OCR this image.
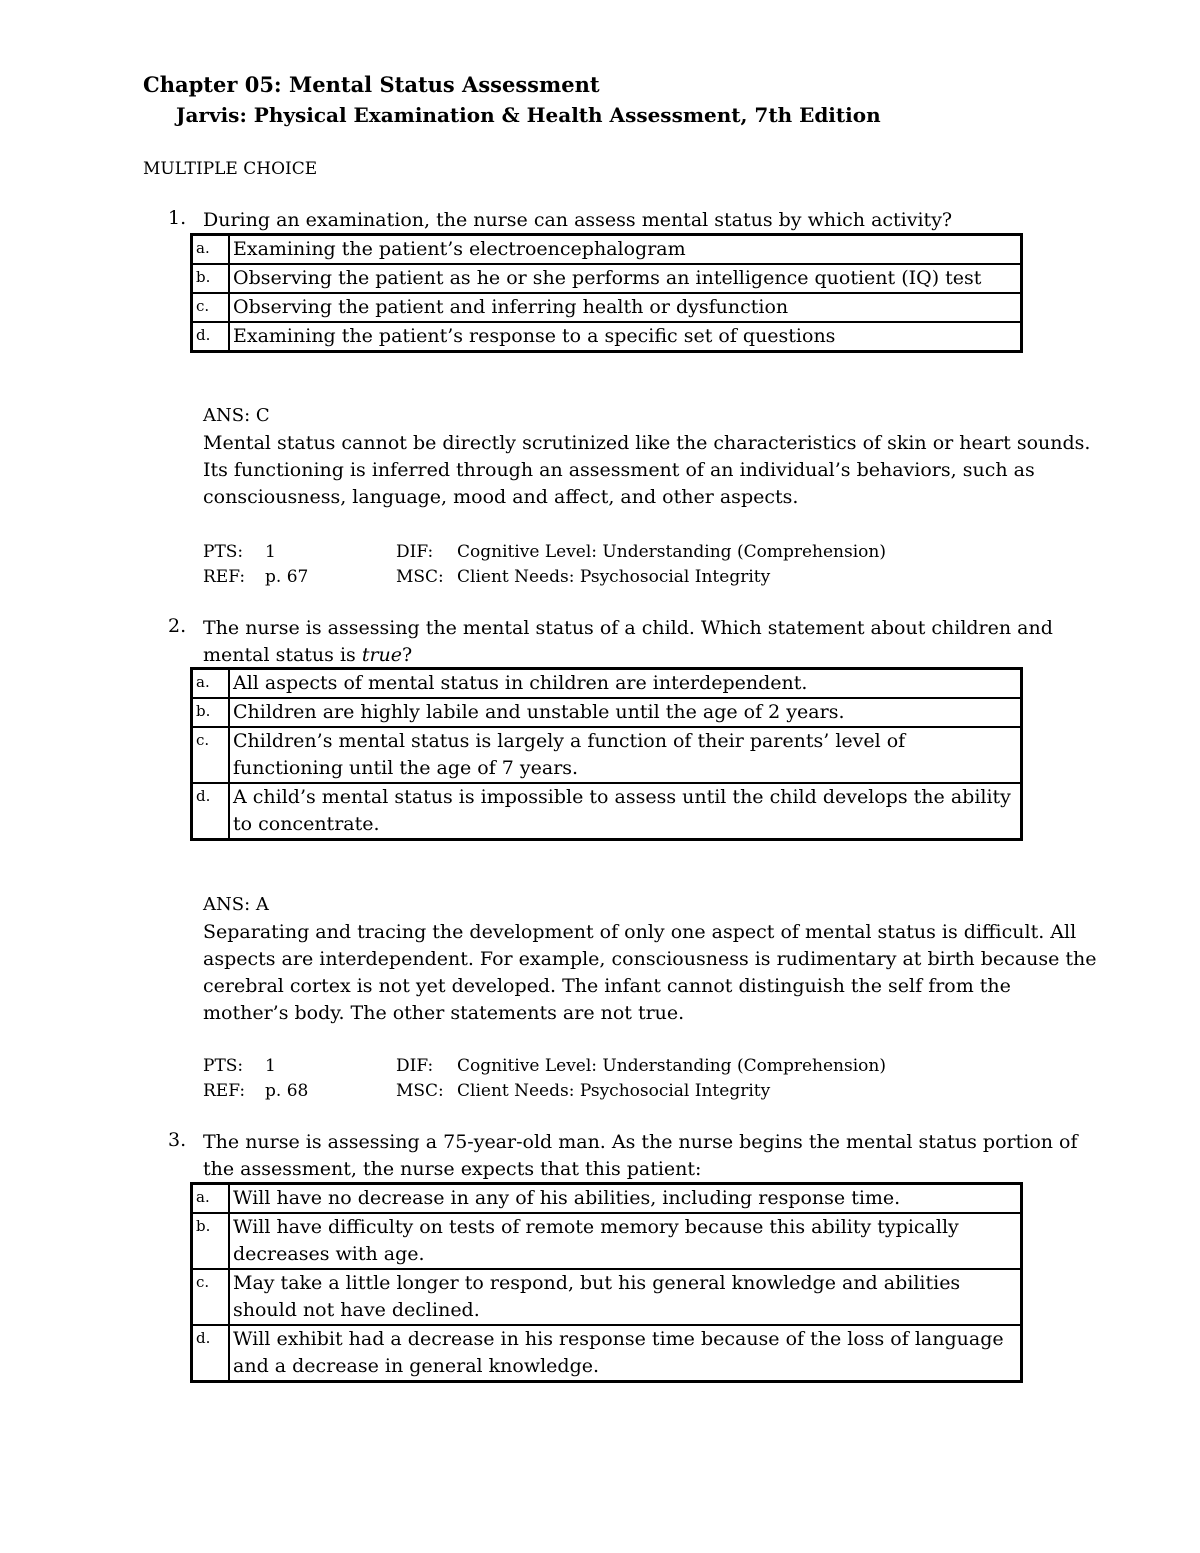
Chapter 05: Mental Status Assessment
Jarvis: Physical Examination & Health Assessment, 7th Edition
MULTIPLE CHOICE
1. During an examination, the nurse can assess mental status by which activity?
a.	Examining the patient’s electroencephalogram
b.	Observing the patient as he or she performs an intelligence quotient (IQ) test
c.	Observing the patient and inferring health or dysfunction
d.	Examining the patient’s response to a specific set of questions
ANS: C
Mental status cannot be directly scrutinized like the characteristics of skin or heart sounds. Its functioning is inferred through an assessment of an individual’s behaviors, such as consciousness, language, mood and affect, and other aspects.
PTS: 1	DIF: Cognitive Level: Understanding (Comprehension)
REF: p. 67	MSC: Client Needs: Psychosocial Integrity
2. The nurse is assessing the mental status of a child. Which statement about children and mental status is true?
a.	All aspects of mental status in children are interdependent.
b.	Children are highly labile and unstable until the age of 2 years.
c.	Children’s mental status is largely a function of their parents’ level of functioning until the age of 7 years.
d.	A child’s mental status is impossible to assess until the child develops the ability to concentrate.
ANS: A
Separating and tracing the development of only one aspect of mental status is difficult. All aspects are interdependent. For example, consciousness is rudimentary at birth because the cerebral cortex is not yet developed. The infant cannot distinguish the self from the mother’s body. The other statements are not true.
PTS: 1	DIF: Cognitive Level: Understanding (Comprehension)
REF: p. 68	MSC: Client Needs: Psychosocial Integrity
3. The nurse is assessing a 75-year-old man. As the nurse begins the mental status portion of the assessment, the nurse expects that this patient:
a.	Will have no decrease in any of his abilities, including response time.
b.	Will have difficulty on tests of remote memory because this ability typically decreases with age.
c.	May take a little longer to respond, but his general knowledge and abilities should not have declined.
d.	Will exhibit had a decrease in his response time because of the loss of language and a decrease in general knowledge.
